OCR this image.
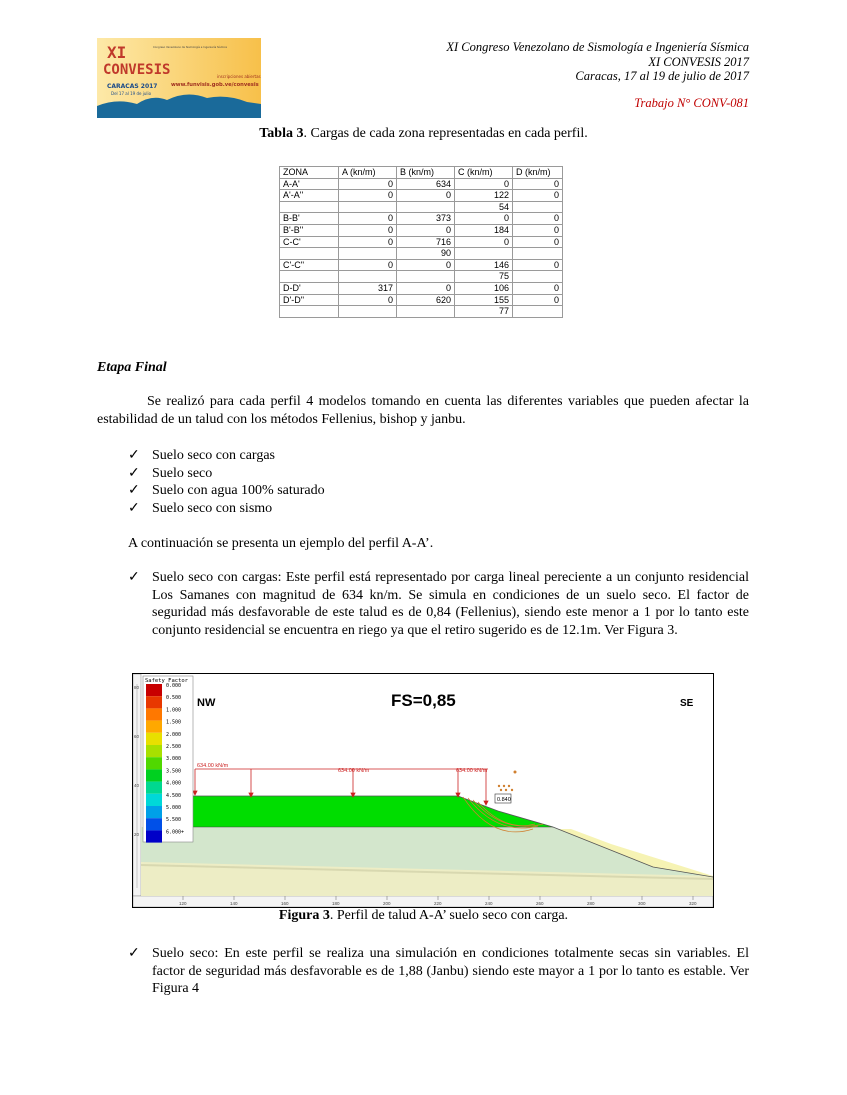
XI
CONVESIS
CARACAS 2017
Del 17 al 19 de julio
inscripciones abiertas
www.funvisis.gob.ve/convesis
Congreso Venezolano de Sismología e Ingeniería Sísmica	XI Congreso Venezolano de Sismología e Ingeniería Sísmica
XI CONVESIS 2017
Caracas, 17 al 19 de julio de 2017
Trabajo N° CONV-081
Tabla 3. Cargas de cada zona representadas en cada perfil.
ZONA	A (kn/m)	B (kn/m)	C (kn/m)	D (kn/m)
A-A'	0	634	0	0
A'-A''	0	0	122	0
			54	
B-B'	0	373	0	0
B'-B''	0	0	184	0
C-C'	0	716	0	0
		90		
C'-C''	0	0	146	0
			75	
D-D'	317	0	106	0
D'-D''	0	620	155	0
			77	
Etapa Final
Se realizó para cada perfil 4 modelos tomando en cuenta las diferentes variables que pueden afectar la estabilidad de un talud con los métodos Fellenius, bishop y janbu.
✓ Suelo seco con cargas
✓ Suelo seco
✓ Suelo con agua 100% saturado
✓ Suelo seco con sismo
A continuación se presenta un ejemplo del perfil A-A’.
✓ Suelo seco con cargas: Este perfil está representado por carga lineal pereciente a un conjunto residencial Los Samanes con magnitud de 634 kn/m. Se simula en condiciones de un suelo seco. El factor de seguridad más desfavorable de este talud es de 0,84 (Fellenius), siendo este menor a 1 por lo tanto este conjunto residencial se encuentra en riego ya que el retiro sugerido es de 12.1m. Ver Figura 3.
120	140	160	180	200	220	240	260	280	300	320
80
60
40
20
634.00 kN/m
634.00 kN/m	634.00 kN/m
0.840
Safety Factor
0.000
0.500
1.000
1.500
2.000
2.500
3.000
3.500
4.000
4.500
5.000
5.500
6.000+
NW	SE
FS=0,85
Figura 3. Perfil de talud A-A’ suelo seco con carga.
✓ Suelo seco: En este perfil se realiza una simulación en condiciones totalmente secas sin variables. El factor de seguridad más desfavorable es de 1,88 (Janbu) siendo este mayor a 1 por lo tanto es estable. Ver Figura 4
